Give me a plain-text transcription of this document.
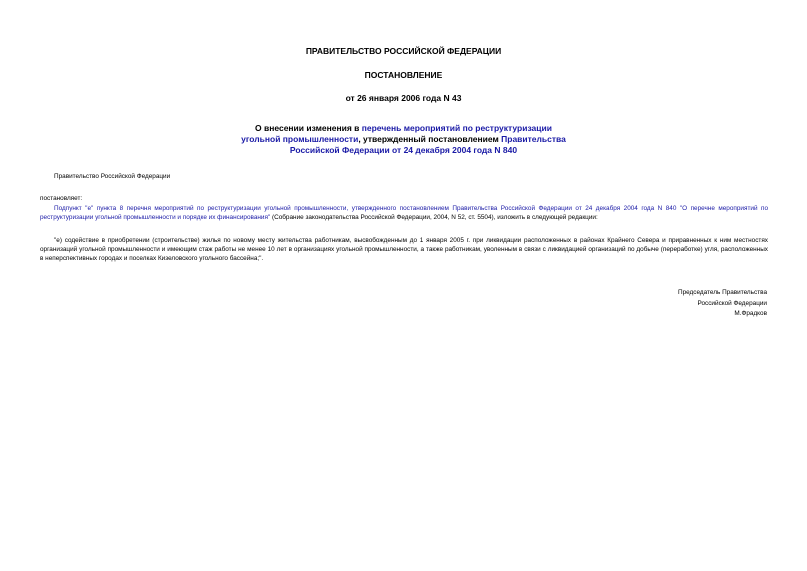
ПРАВИТЕЛЬСТВО РОССИЙСКОЙ ФЕДЕРАЦИИ
ПОСТАНОВЛЕНИЕ
от 26 января 2006 года N 43
О внесении изменения в перечень мероприятий по реструктуризации
угольной промышленности, утвержденный постановлением Правительства
Российской Федерации от 24 декабря 2004 года N 840
Правительство Российской Федерации
постановляет:
Подпункт "е" пункта 8 перечня мероприятий по реструктуризации угольной промышленности, утвержденного постановлением Правительства Российской Федерации от 24 декабря 2004 года N 840 "О перечне мероприятий по реструктуризации угольной промышленности и порядке их финансирования" (Собрание законодательства Российской Федерации, 2004, N 52, ст. 5504), изложить в следующей редакции:
"е) содействие в приобретении (строительстве) жилья по новому месту жительства работникам, высвобожденным до 1 января 2005 г. при ликвидации расположенных в районах Крайнего Севера и приравненных к ним местностях организаций угольной промышленности и имеющим стаж работы не менее 10 лет в организациях угольной промышленности, а также работникам, уволенным в связи с ликвидацией организаций по добыче (переработке) угля, расположенных в неперспективных городах и поселках Кизеловского угольного бассейна;".
Председатель Правительства
Российской Федерации
М.Фрадков
